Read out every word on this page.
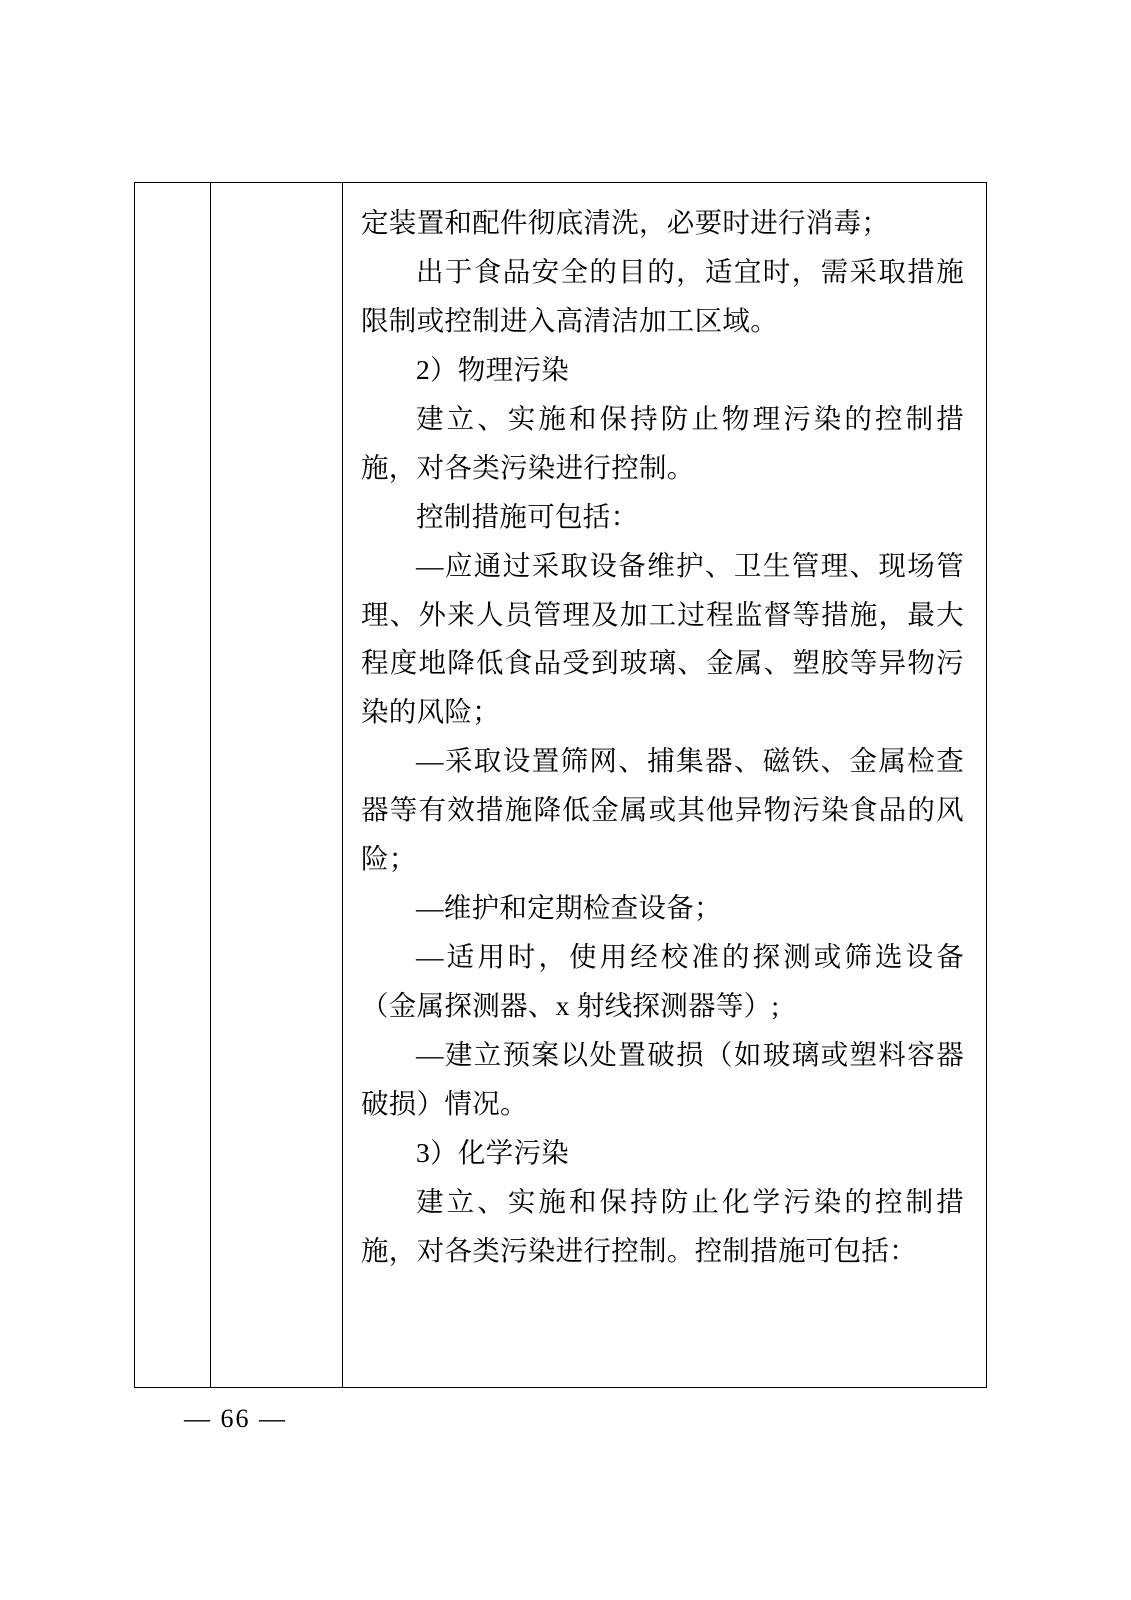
定装置和配件彻底清洗，必要时进行消毒；

出于食品安全的目的，适宜时，需采取措施限制或控制进入高清洁加工区域。

2）物理污染

建立、实施和保持防止物理污染的控制措施，对各类污染进行控制。

控制措施可包括：

—应通过采取设备维护、卫生管理、现场管理、外来人员管理及加工过程监督等措施，最大程度地降低食品受到玻璃、金属、塑胶等异物污染的风险；

—采取设置筛网、捕集器、磁铁、金属检查器等有效措施降低金属或其他异物污染食品的风险；

—维护和定期检查设备；

—适用时，使用经校准的探测或筛选设备（金属探测器、x 射线探测器等）;

—建立预案以处置破损（如玻璃或塑料容器破损）情况。

3）化学污染

建立、实施和保持防止化学污染的控制措施，对各类污染进行控制。控制措施可包括：

— 66 —
